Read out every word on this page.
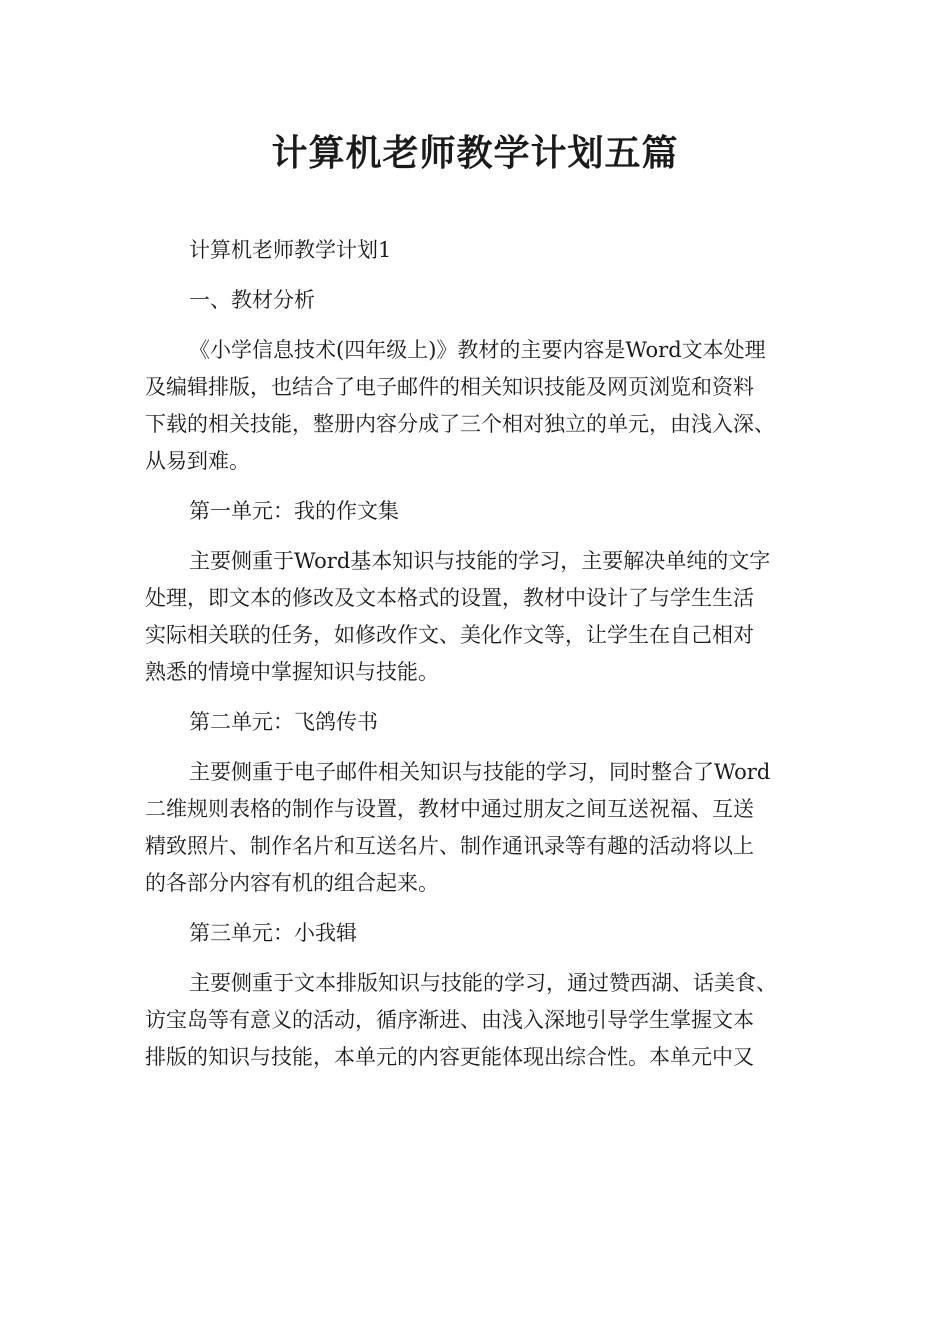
计算机老师教学计划五篇
计算机老师教学计划1
一、教材分析
《小学信息技术(四年级上)》教材的主要内容是Word文本处理
及编辑排版，也结合了电子邮件的相关知识技能及网页浏览和资料
下载的相关技能，整册内容分成了三个相对独立的单元，由浅入深、
从易到难。
第一单元：我的作文集
主要侧重于Word基本知识与技能的学习，主要解决单纯的文字
处理，即文本的修改及文本格式的设置，教材中设计了与学生生活
实际相关联的任务，如修改作文、美化作文等，让学生在自己相对
熟悉的情境中掌握知识与技能。
第二单元：飞鸽传书
主要侧重于电子邮件相关知识与技能的学习，同时整合了Word
二维规则表格的制作与设置，教材中通过朋友之间互送祝福、互送
精致照片、制作名片和互送名片、制作通讯录等有趣的活动将以上
的各部分内容有机的组合起来。
第三单元：小我辑
主要侧重于文本排版知识与技能的学习，通过赞西湖、话美食、
访宝岛等有意义的活动，循序渐进、由浅入深地引导学生掌握文本
排版的知识与技能，本单元的内容更能体现出综合性。本单元中又
